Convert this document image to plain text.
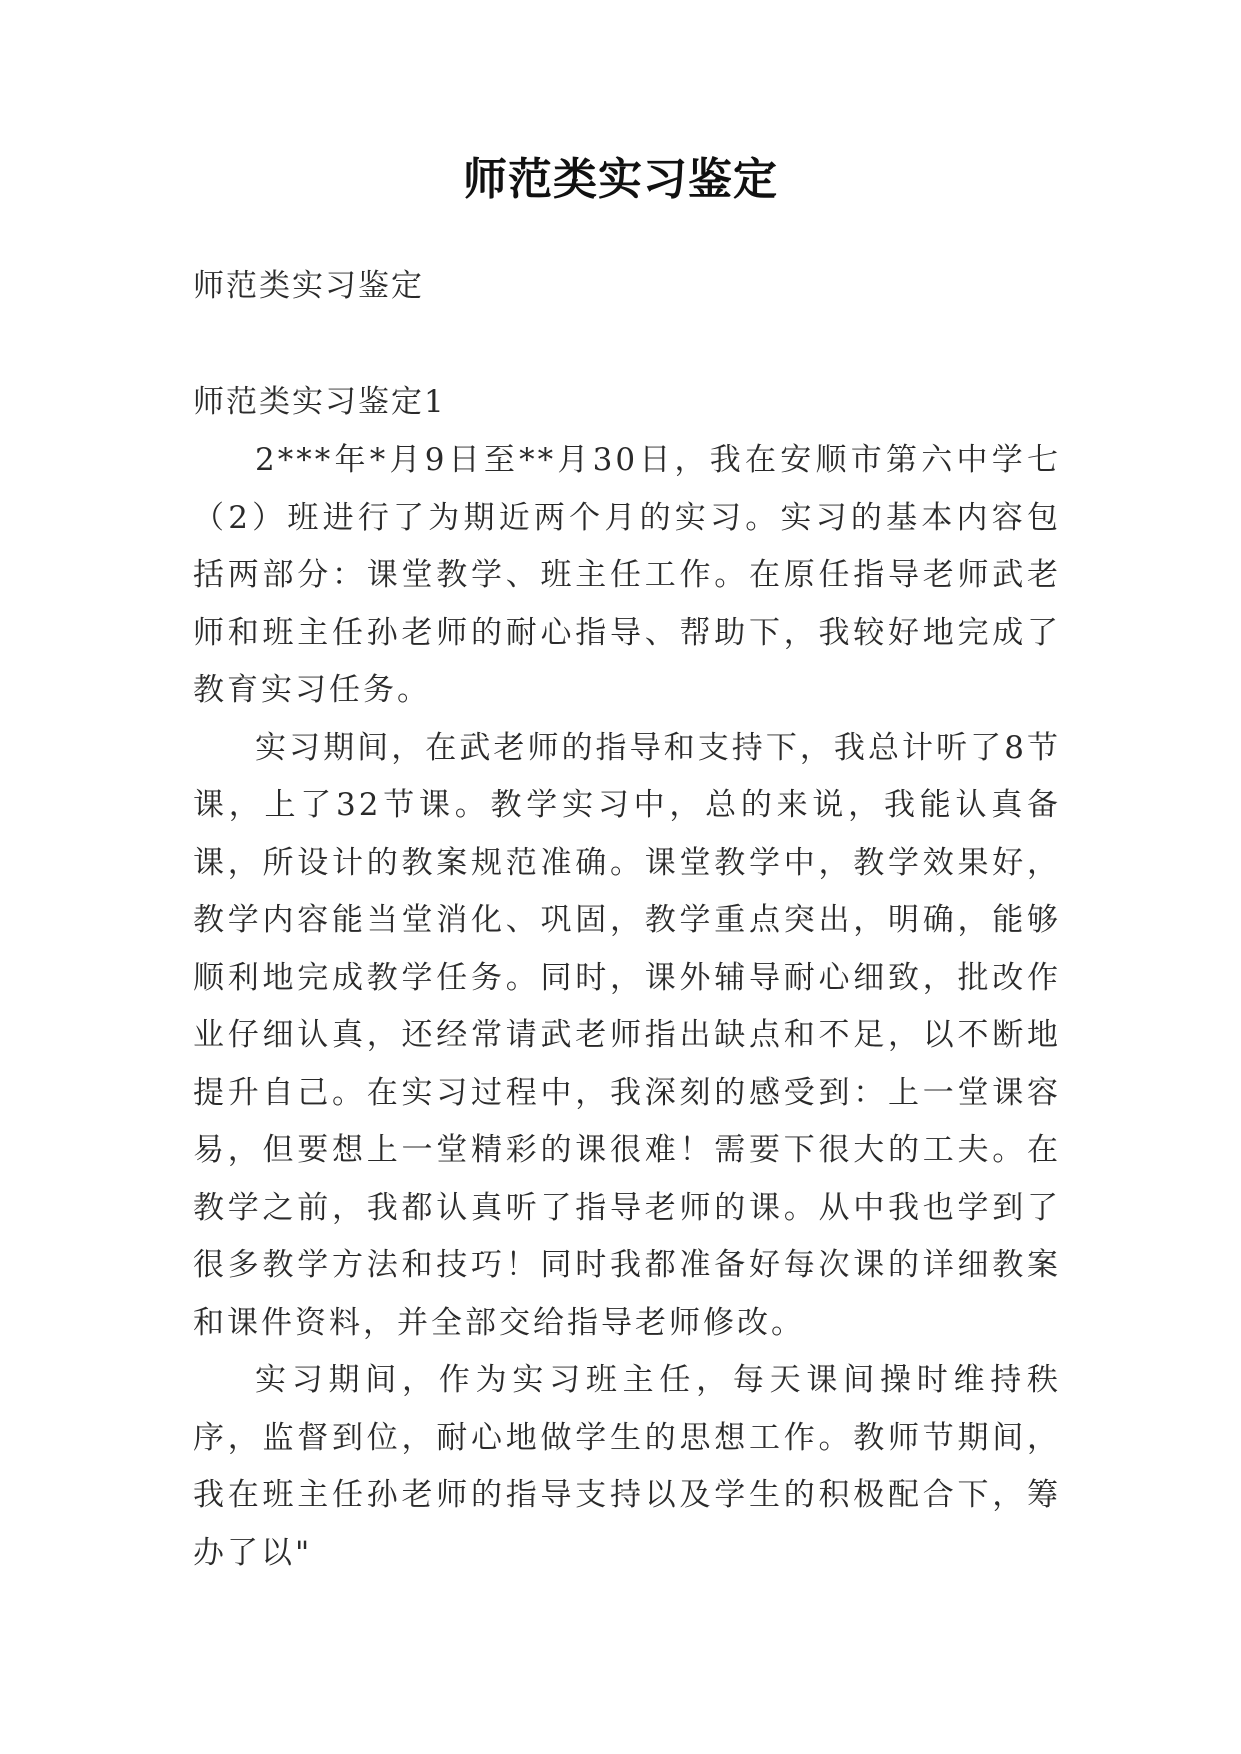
师范类实习鉴定

师范类实习鉴定

师范类实习鉴定1

2***年*月9日至**月30日，我在安顺市第六中学七（2）班进行了为期近两个月的实习。实习的基本内容包括两部分：课堂教学、班主任工作。在原任指导老师武老师和班主任孙老师的耐心指导、帮助下，我较好地完成了教育实习任务。

实习期间，在武老师的指导和支持下，我总计听了8节课，上了32节课。教学实习中，总的来说，我能认真备课，所设计的教案规范准确。课堂教学中，教学效果好，教学内容能当堂消化、巩固，教学重点突出，明确，能够顺利地完成教学任务。同时，课外辅导耐心细致，批改作业仔细认真，还经常请武老师指出缺点和不足，以不断地提升自己。在实习过程中，我深刻的感受到：上一堂课容易，但要想上一堂精彩的课很难！需要下很大的工夫。在教学之前，我都认真听了指导老师的课。从中我也学到了很多教学方法和技巧！同时我都准备好每次课的详细教案和课件资料，并全部交给指导老师修改。

实习期间，作为实习班主任，每天课间操时维持秩序，监督到位，耐心地做学生的思想工作。教师节期间，我在班主任孙老师的指导支持以及学生的积极配合下，筹办了以"
